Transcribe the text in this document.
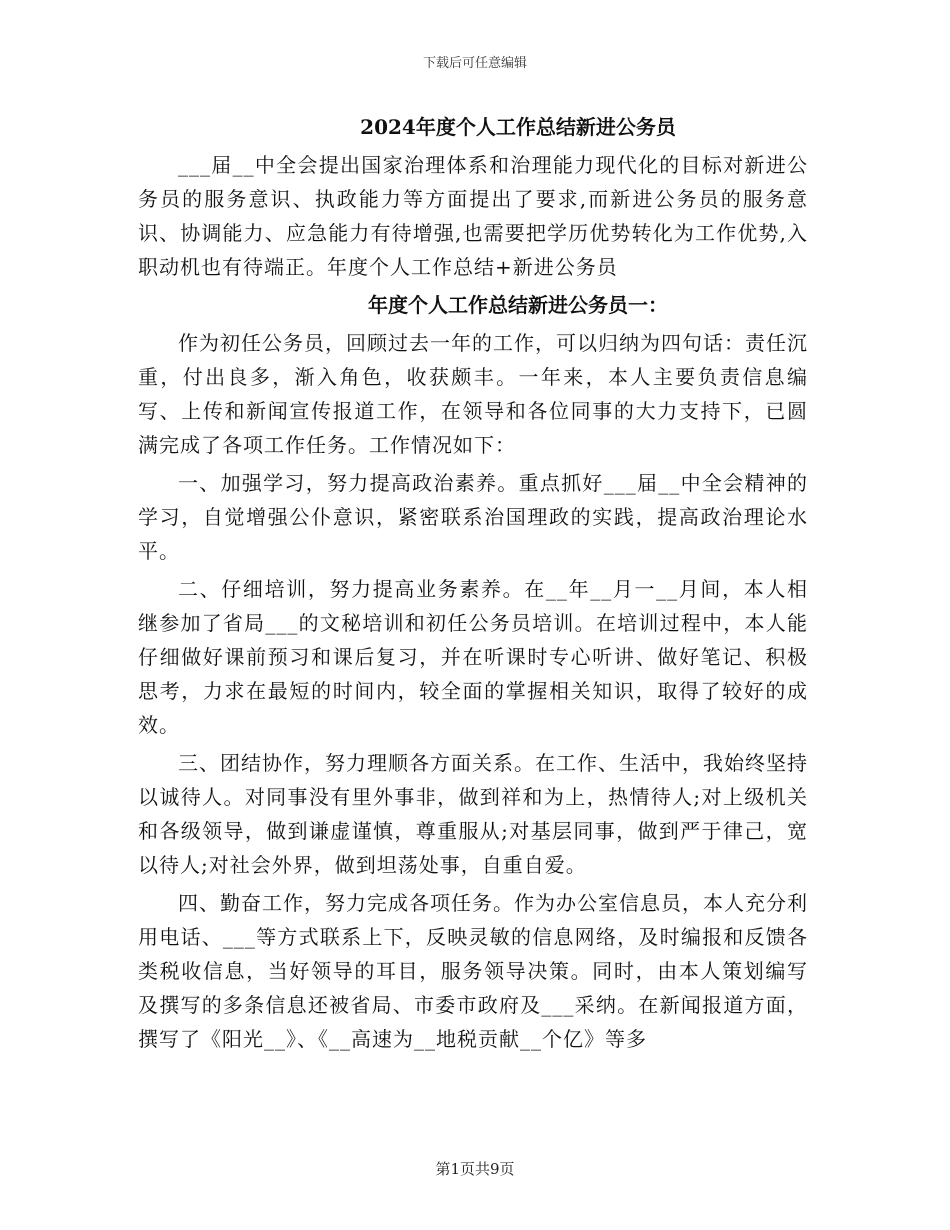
下载后可任意编辑
2024年度个人工作总结新进公务员

___届__中全会提出国家治理体系和治理能力现代化的目标对新进公务员的服务意识、执政能力等方面提出了要求,而新进公务员的服务意识、协调能力、应急能力有待增强,也需要把学历优势转化为工作优势,入职动机也有待端正。年度个人工作总结+新进公务员

年度个人工作总结新进公务员一：

作为初任公务员，回顾过去一年的工作，可以归纳为四句话：责任沉重，付出良多，渐入角色，收获颇丰。一年来，本人主要负责信息编写、上传和新闻宣传报道工作，在领导和各位同事的大力支持下，已圆满完成了各项工作任务。工作情况如下：

一、加强学习，努力提高政治素养。重点抓好___届__中全会精神的学习，自觉增强公仆意识，紧密联系治国理政的实践，提高政治理论水平。

二、仔细培训，努力提高业务素养。在__年__月一__月间，本人相继参加了省局___的文秘培训和初任公务员培训。在培训过程中，本人能仔细做好课前预习和课后复习，并在听课时专心听讲、做好笔记、积极思考，力求在最短的时间内，较全面的掌握相关知识，取得了较好的成效。

三、团结协作，努力理顺各方面关系。在工作、生活中，我始终坚持以诚待人。对同事没有里外事非，做到祥和为上，热情待人;对上级机关和各级领导，做到谦虚谨慎，尊重服从;对基层同事，做到严于律己，宽以待人;对社会外界，做到坦荡处事，自重自爱。

四、勤奋工作，努力完成各项任务。作为办公室信息员，本人充分利用电话、___等方式联系上下，反映灵敏的信息网络，及时编报和反馈各类税收信息，当好领导的耳目，服务领导决策。同时，由本人策划编写及撰写的多条信息还被省局、市委市政府及___采纳。在新闻报道方面，撰写了《阳光__》、《__高速为__地税贡献__个亿》等多

第1页共9页
